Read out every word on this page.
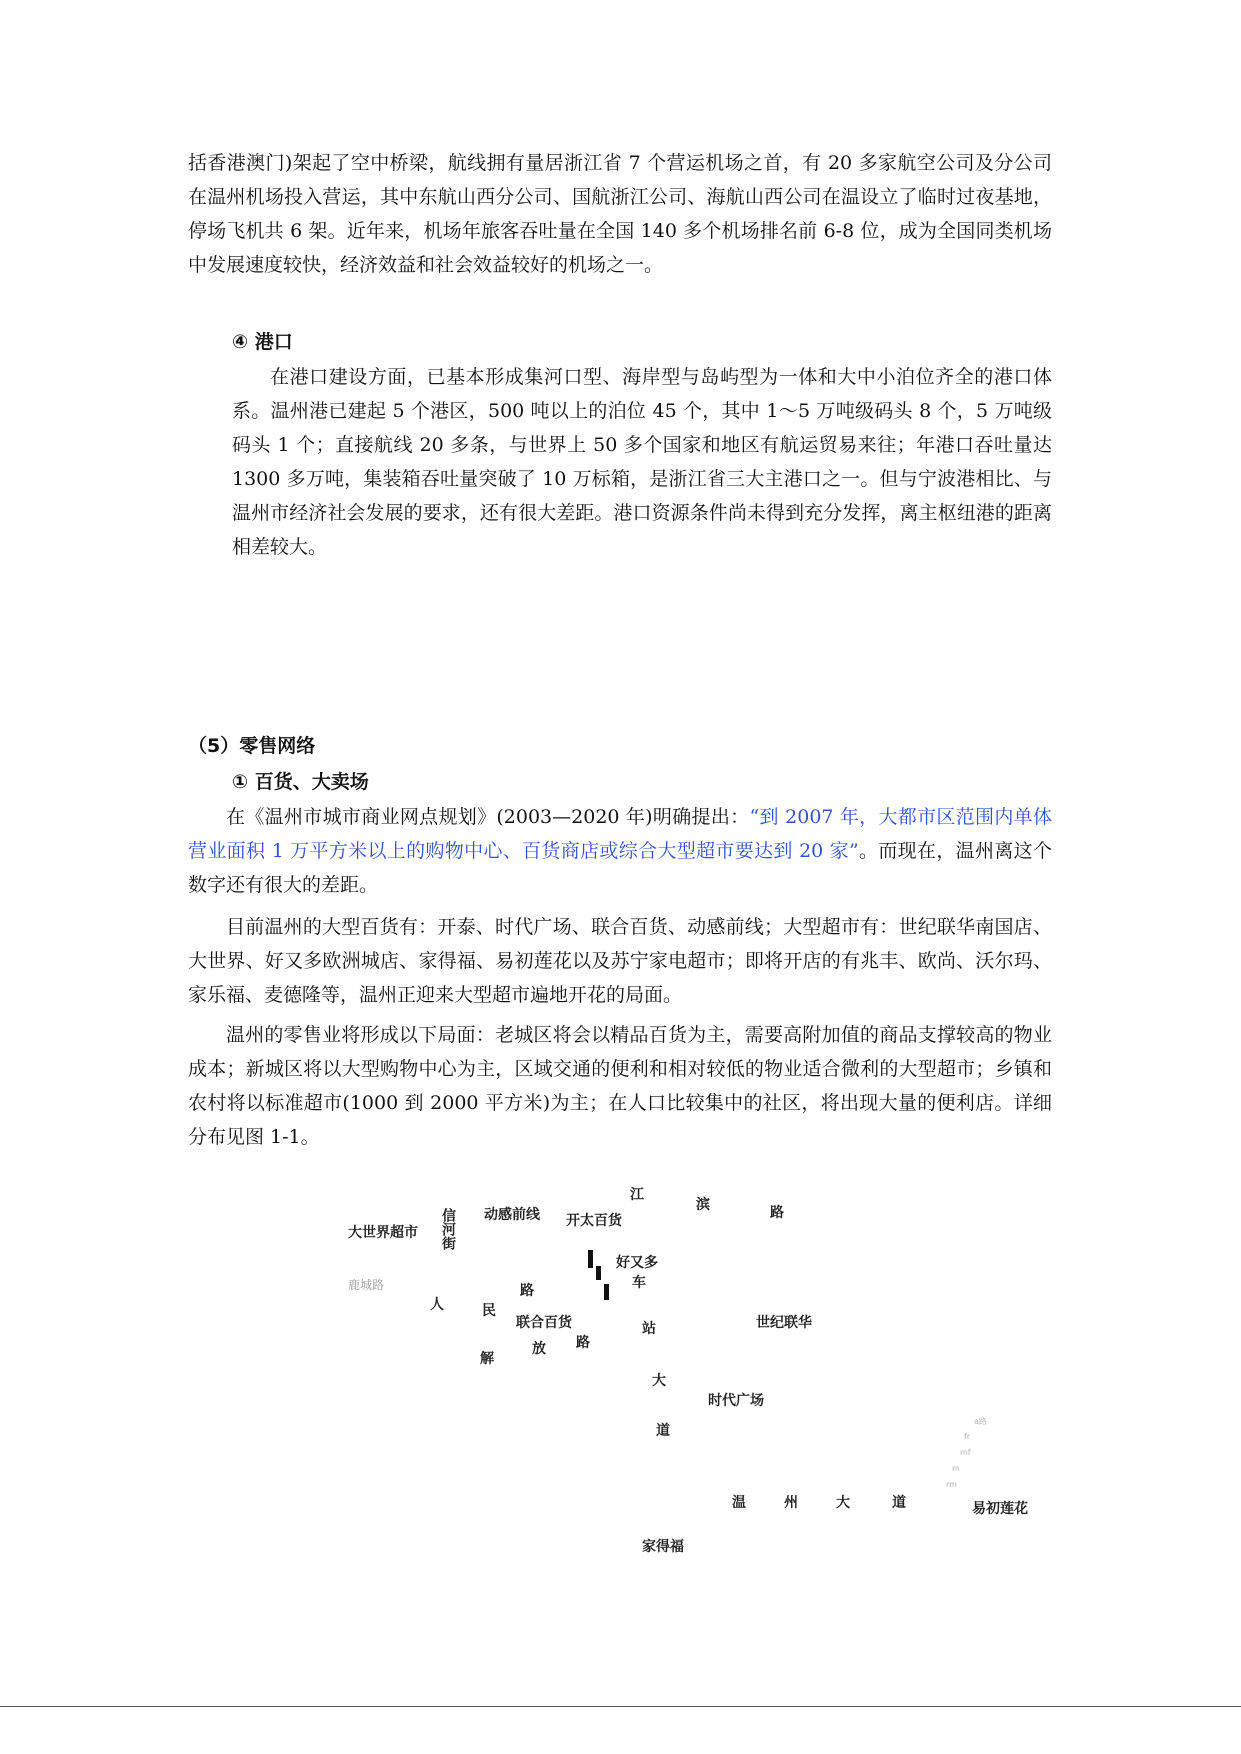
括香港澳门)架起了空中桥梁，航线拥有量居浙江省 7 个营运机场之首，有 20 多家航空公司及分公司在温州机场投入营运，其中东航山西分公司、国航浙江公司、海航山西公司在温设立了临时过夜基地，停场飞机共 6 架。近年来，机场年旅客吞吐量在全国 140 多个机场排名前 6-8 位，成为全国同类机场中发展速度较快，经济效益和社会效益较好的机场之一。

④ 港口

在港口建设方面，已基本形成集河口型、海岸型与岛屿型为一体和大中小泊位齐全的港口体系。温州港已建起 5 个港区，500 吨以上的泊位 45 个，其中 1～5 万吨级码头 8 个，5 万吨级码头 1 个；直接航线 20 多条，与世界上 50 多个国家和地区有航运贸易来往；年港口吞吐量达 1300 多万吨，集装箱吞吐量突破了 10 万标箱，是浙江省三大主港口之一。但与宁波港相比、与温州市经济社会发展的要求，还有很大差距。港口资源条件尚未得到充分发挥，离主枢纽港的距离相差较大。

（5）零售网络

① 百货、大卖场

在《温州市城市商业网点规划》(2003—2020 年)明确提出：“到 2007 年，大都市区范围内单体营业面积 1 万平方米以上的购物中心、百货商店或综合大型超市要达到 20 家”。而现在，温州离这个数字还有很大的差距。

目前温州的大型百货有：开泰、时代广场、联合百货、动感前线；大型超市有：世纪联华南国店、大世界、好又多欧洲城店、家得福、易初莲花以及苏宁家电超市；即将开店的有兆丰、欧尚、沃尔玛、家乐福、麦德隆等，温州正迎来大型超市遍地开花的局面。

温州的零售业将形成以下局面：老城区将会以精品百货为主，需要高附加值的商品支撑较高的物业成本；新城区将以大型购物中心为主，区域交通的便利和相对较低的物业适合微利的大型超市；乡镇和农村将以标准超市(1000 到 2000 平方米)为主；在人口比较集中的社区，将出现大量的便利店。详细分布见图 1-1。

江
滨	路
大世界超市 信河街 动感前线 开太百货
好又多
车
鹿城路
人	民
路
联合百货
解
放 路
站	世纪联华
大
时代广场
道
a路
fr
mf
m
rm
温	州	大	道	易初莲花
家得福
